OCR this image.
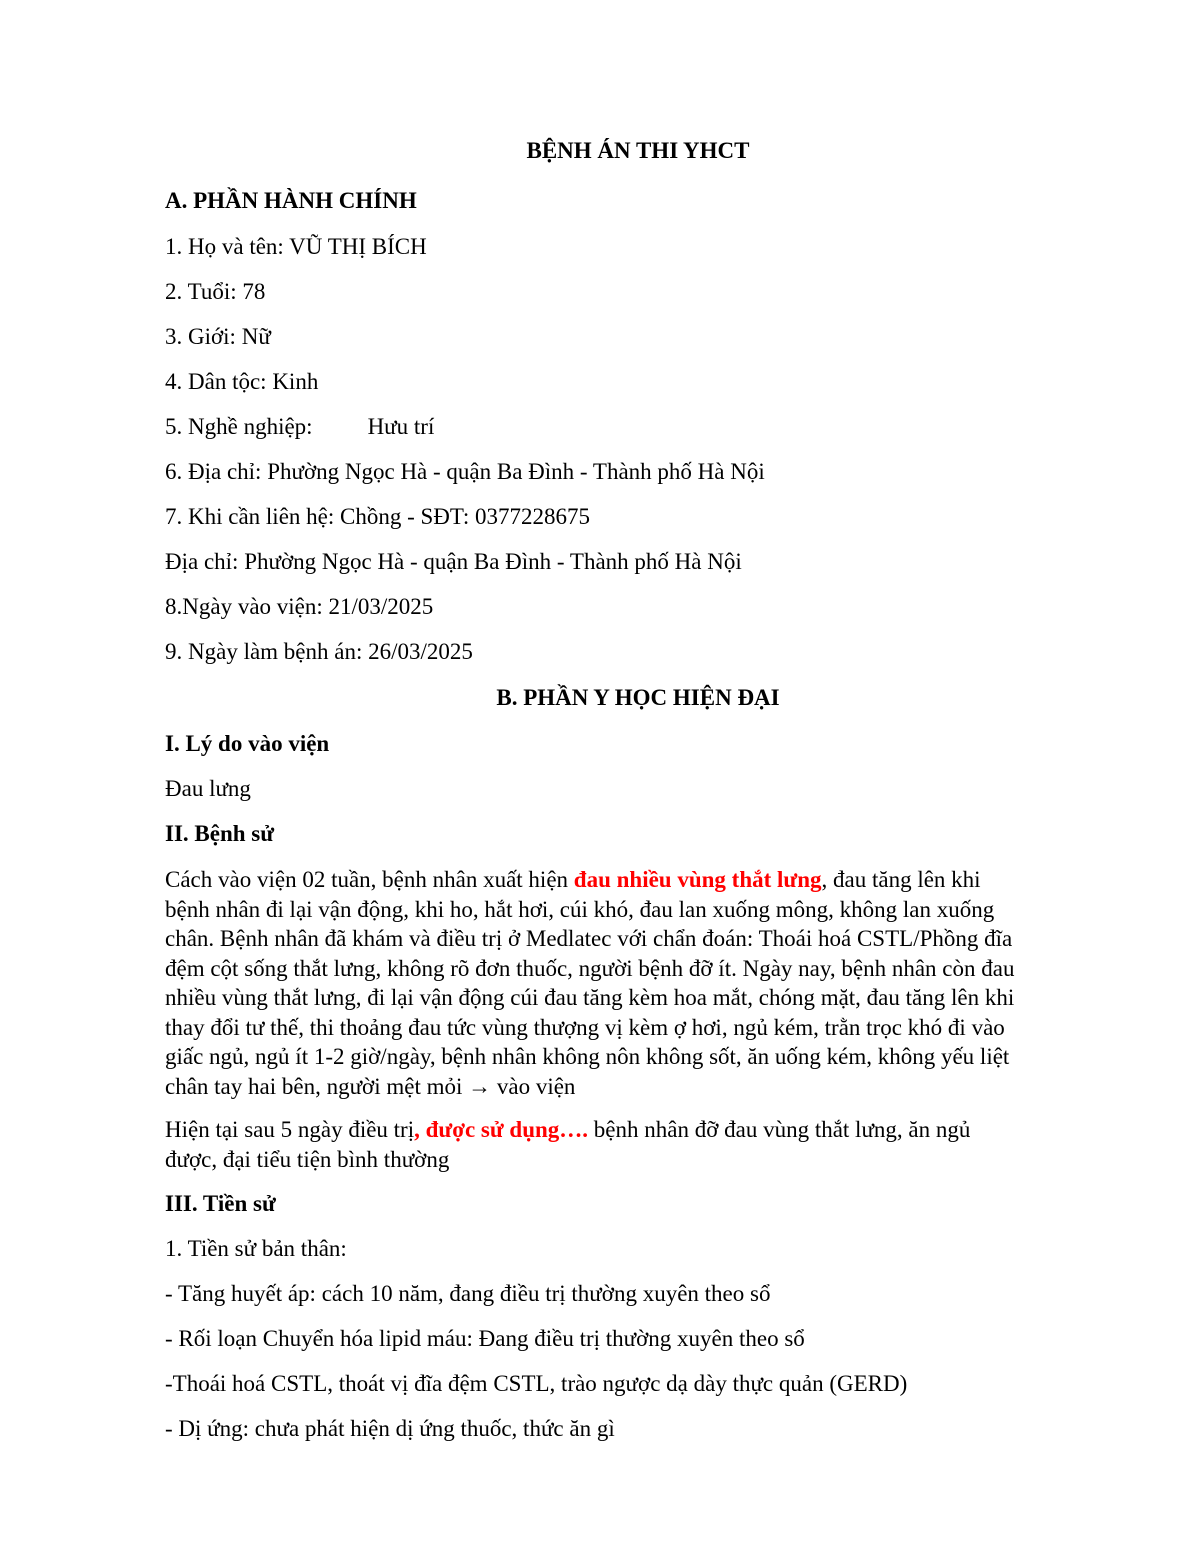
BỆNH ÁN THI YHCT

A. PHẦN HÀNH CHÍNH

1. Họ và tên: VŨ THỊ BÍCH

2. Tuổi: 78

3. Giới: Nữ

4. Dân tộc: Kinh

5. Nghề nghiệp: Hưu trí

6. Địa chỉ: Phường Ngọc Hà - quận Ba Đình - Thành phố Hà Nội

7. Khi cần liên hệ: Chồng - SĐT: 0377228675

Địa chỉ: Phường Ngọc Hà - quận Ba Đình - Thành phố Hà Nội

8.Ngày vào viện: 21/03/2025

9. Ngày làm bệnh án: 26/03/2025

B. PHẦN Y HỌC HIỆN ĐẠI

I. Lý do vào viện

Đau lưng

II. Bệnh sử

Cách vào viện 02 tuần, bệnh nhân xuất hiện đau nhiều vùng thắt lưng, đau tăng lên khi
bệnh nhân đi lại vận động, khi ho, hắt hơi, cúi khó, đau lan xuống mông, không lan xuống
chân. Bệnh nhân đã khám và điều trị ở Medlatec với chẩn đoán: Thoái hoá CSTL/Phồng đĩa
đệm cột sống thắt lưng, không rõ đơn thuốc, người bệnh đỡ ít. Ngày nay, bệnh nhân còn đau
nhiều vùng thắt lưng, đi lại vận động cúi đau tăng kèm hoa mắt, chóng mặt, đau tăng lên khi
thay đổi tư thế, thi thoảng đau tức vùng thượng vị kèm ợ hơi, ngủ kém, trằn trọc khó đi vào
giấc ngủ, ngủ ít 1-2 giờ/ngày, bệnh nhân không nôn không sốt, ăn uống kém, không yếu liệt
chân tay hai bên, người mệt mỏi → vào viện
Hiện tại sau 5 ngày điều trị, được sử dụng…. bệnh nhân đỡ đau vùng thắt lưng, ăn ngủ
được, đại tiểu tiện bình thường

III. Tiền sử

1. Tiền sử bản thân:

- Tăng huyết áp: cách 10 năm, đang điều trị thường xuyên theo sổ

- Rối loạn Chuyển hóa lipid máu: Đang điều trị thường xuyên theo sổ

-Thoái hoá CSTL, thoát vị đĩa đệm CSTL, trào ngược dạ dày thực quản (GERD)

- Dị ứng: chưa phát hiện dị ứng thuốc, thức ăn gì
